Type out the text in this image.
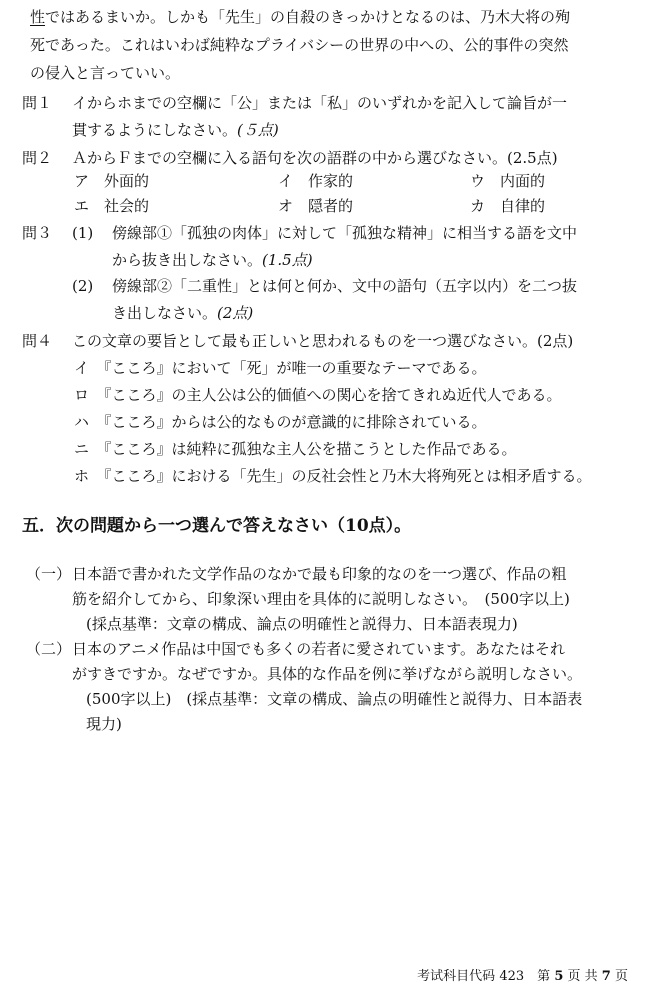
性ではあるまいか。しかも「先生」の自殺のきっかけとなるのは、乃木大将の殉
死であった。これはいわば純粋なプライバシーの世界の中への、公的事件の突然
の侵入と言っていい。
問１ イからホまでの空欄に「公」または「私」のいずれかを記入して論旨が一
貫するようにしなさい。(５点)
問２ ＡからＦまでの空欄に入る語句を次の語群の中から選びなさい。(2.5点)
ア　 外面的	イ　 作家的	ウ　 内面的
エ　 社会的	オ　 隠者的	カ　 自律的
問３ (1) 傍線部①「孤独の肉体」に対して「孤独な精神」に相当する語を文中
から抜き出しなさい。(1.5点)
(2) 傍線部②「二重性」とは何と何か、文中の語句（五字以内）を二つ抜
き出しなさい。(2点)
問４ この文章の要旨として最も正しいと思われるものを一つ選びなさい。(2点)
イ　 『こころ』において「死」が唯一の重要なテーマである。
ロ　 『こころ』の主人公は公的価値への関心を捨てきれぬ近代人である。
ハ　 『こころ』からは公的なものが意識的に排除されている。
ニ　 『こころ』は純粋に孤独な主人公を描こうとした作品である。
ホ　 『こころ』における「先生」の反社会性と乃木大将殉死とは相矛盾する。
五．次の問題から一つ選んで答えなさい（10点）。
（一） 日本語で書かれた文学作品のなかで最も印象的なのを一つ選び、作品の粗
筋を紹介してから、印象深い理由を具体的に説明しなさい。　(500字以上)
(採点基準：文章の構成、論点の明確性と説得力、日本語表現力)
（二） 日本のアニメ作品は中国でも多くの若者に愛されています。あなたはそれ
がすきですか。なぜですか。具体的な作品を例に挙げながら説明しなさい。
(500字以上)　(採点基準：文章の構成、論点の明確性と説得力、日本語表
現力)
考试科目代码 423　 第 5 页 共 7 页
